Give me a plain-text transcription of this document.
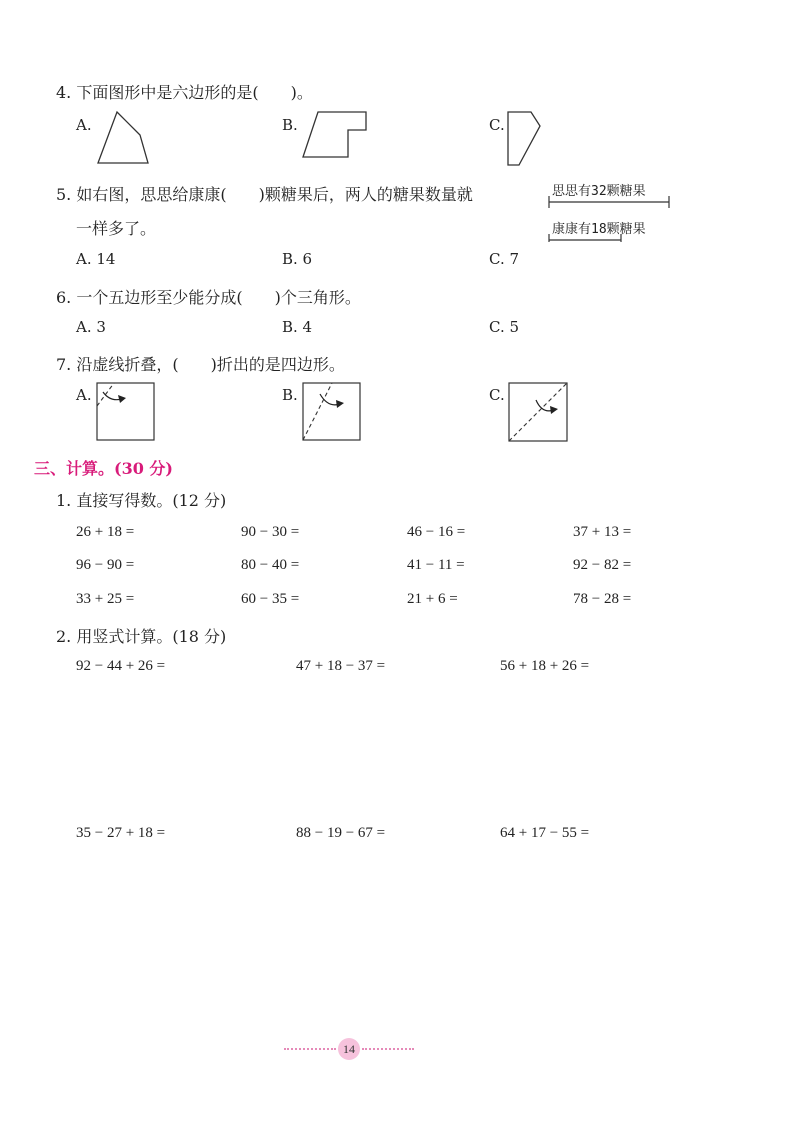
4. 下面图形中是六边形的是(　　)。
A.	B.	C.
5. 如右图，思思给康康(　　)颗糖果后，两人的糖果数量就
一样多了。
A. 14	B. 6	C. 7
思思有32颗糖果
康康有18颗糖果
6. 一个五边形至少能分成(　　)个三角形。
A. 3	B. 4	C. 5
7. 沿虚线折叠，(　　)折出的是四边形。
A.	B.	C.
三、计算。(30 分)
1. 直接写得数。(12 分)
26 + 18 =	90 − 30 =	46 − 16 =	37 + 13 =
96 − 90 =	80 − 40 =	41 − 11 =	92 − 82 =
33 + 25 =	60 − 35 =	21 + 6 =	78 − 28 =
2. 用竖式计算。(18 分)
92 − 44 + 26 =	47 + 18 − 37 =	56 + 18 + 26 =
35 − 27 + 18 =	88 − 19 − 67 =	64 + 17 − 55 =
14
